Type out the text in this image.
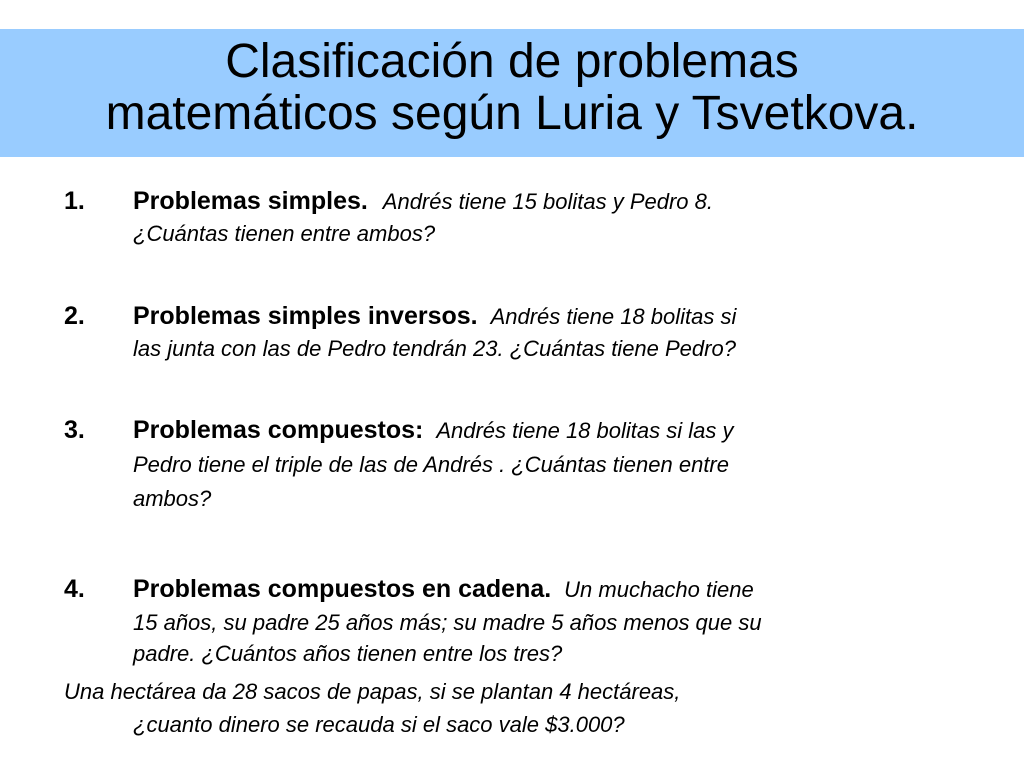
Clasificación de problemas
matemáticos según Luria y Tsvetkova.
1. Problemas simples. Andrés tiene 15 bolitas y Pedro 8.
¿Cuántas tienen entre ambos?
2. Problemas simples inversos. Andrés tiene 18 bolitas si
las junta con las de Pedro tendrán 23. ¿Cuántas tiene Pedro?
3. Problemas compuestos: Andrés tiene 18 bolitas si las y
Pedro tiene el triple de las de Andrés . ¿Cuántas tienen entre
ambos?
4. Problemas compuestos en cadena. Un muchacho tiene
15 años, su padre 25 años más; su madre 5 años menos que su
padre. ¿Cuántos años tienen entre los tres?
Una hectárea da 28 sacos de papas, si se plantan 4 hectáreas,
¿cuanto dinero se recauda si el saco vale $3.000?
